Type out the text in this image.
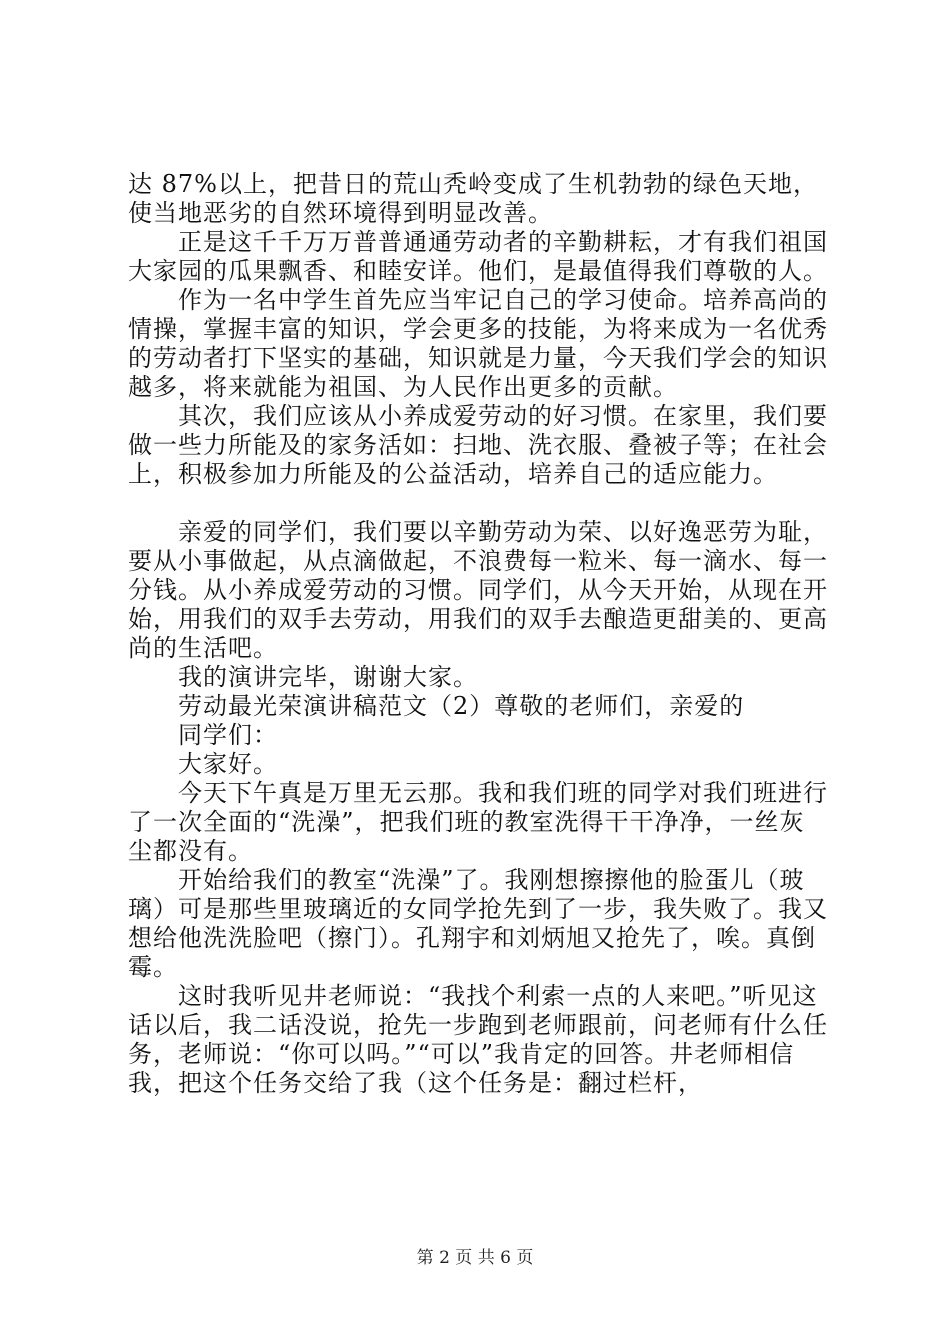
达 87%以上，把昔日的荒山秃岭变成了生机勃勃的绿色天地，使当地恶劣的自然环境得到明显改善。

　　正是这千千万万普普通通劳动者的辛勤耕耘，才有我们祖国大家园的瓜果飘香、和睦安详。他们，是最值得我们尊敬的人。

　　作为一名中学生首先应当牢记自己的学习使命。培养高尚的情操，掌握丰富的知识，学会更多的技能，为将来成为一名优秀的劳动者打下坚实的基础，知识就是力量，今天我们学会的知识越多，将来就能为祖国、为人民作出更多的贡献。

　　其次，我们应该从小养成爱劳动的好习惯。在家里，我们要做一些力所能及的家务活如：扫地、洗衣服、叠被子等；在社会上，积极参加力所能及的公益活动，培养自己的适应能力。

　　亲爱的同学们，我们要以辛勤劳动为荣、以好逸恶劳为耻，要从小事做起，从点滴做起，不浪费每一粒米、每一滴水、每一分钱。从小养成爱劳动的习惯。同学们，从今天开始，从现在开始，用我们的双手去劳动，用我们的双手去酿造更甜美的、更高尚的生活吧。

　　我的演讲完毕，谢谢大家。

　　劳动最光荣演讲稿范文（2）尊敬的老师们，亲爱的

　　同学们：

　　大家好。

　　今天下午真是万里无云那。我和我们班的同学对我们班进行了一次全面的“洗澡”，把我们班的教室洗得干干净净，一丝灰尘都没有。

　　开始给我们的教室“洗澡”了。我刚想擦擦他的脸蛋儿（玻璃）可是那些里玻璃近的女同学抢先到了一步，我失败了。我又想给他洗洗脸吧（擦门）。孔翔宇和刘炳旭又抢先了，唉。真倒霉。

　　这时我听见井老师说：“我找个利索一点的人来吧。”听见这话以后，我二话没说，抢先一步跑到老师跟前，问老师有什么任务，老师说：“你可以吗。”“可以”我肯定的回答。井老师相信我，把这个任务交给了我（这个任务是：翻过栏杆，

第 2 页 共 6 页
